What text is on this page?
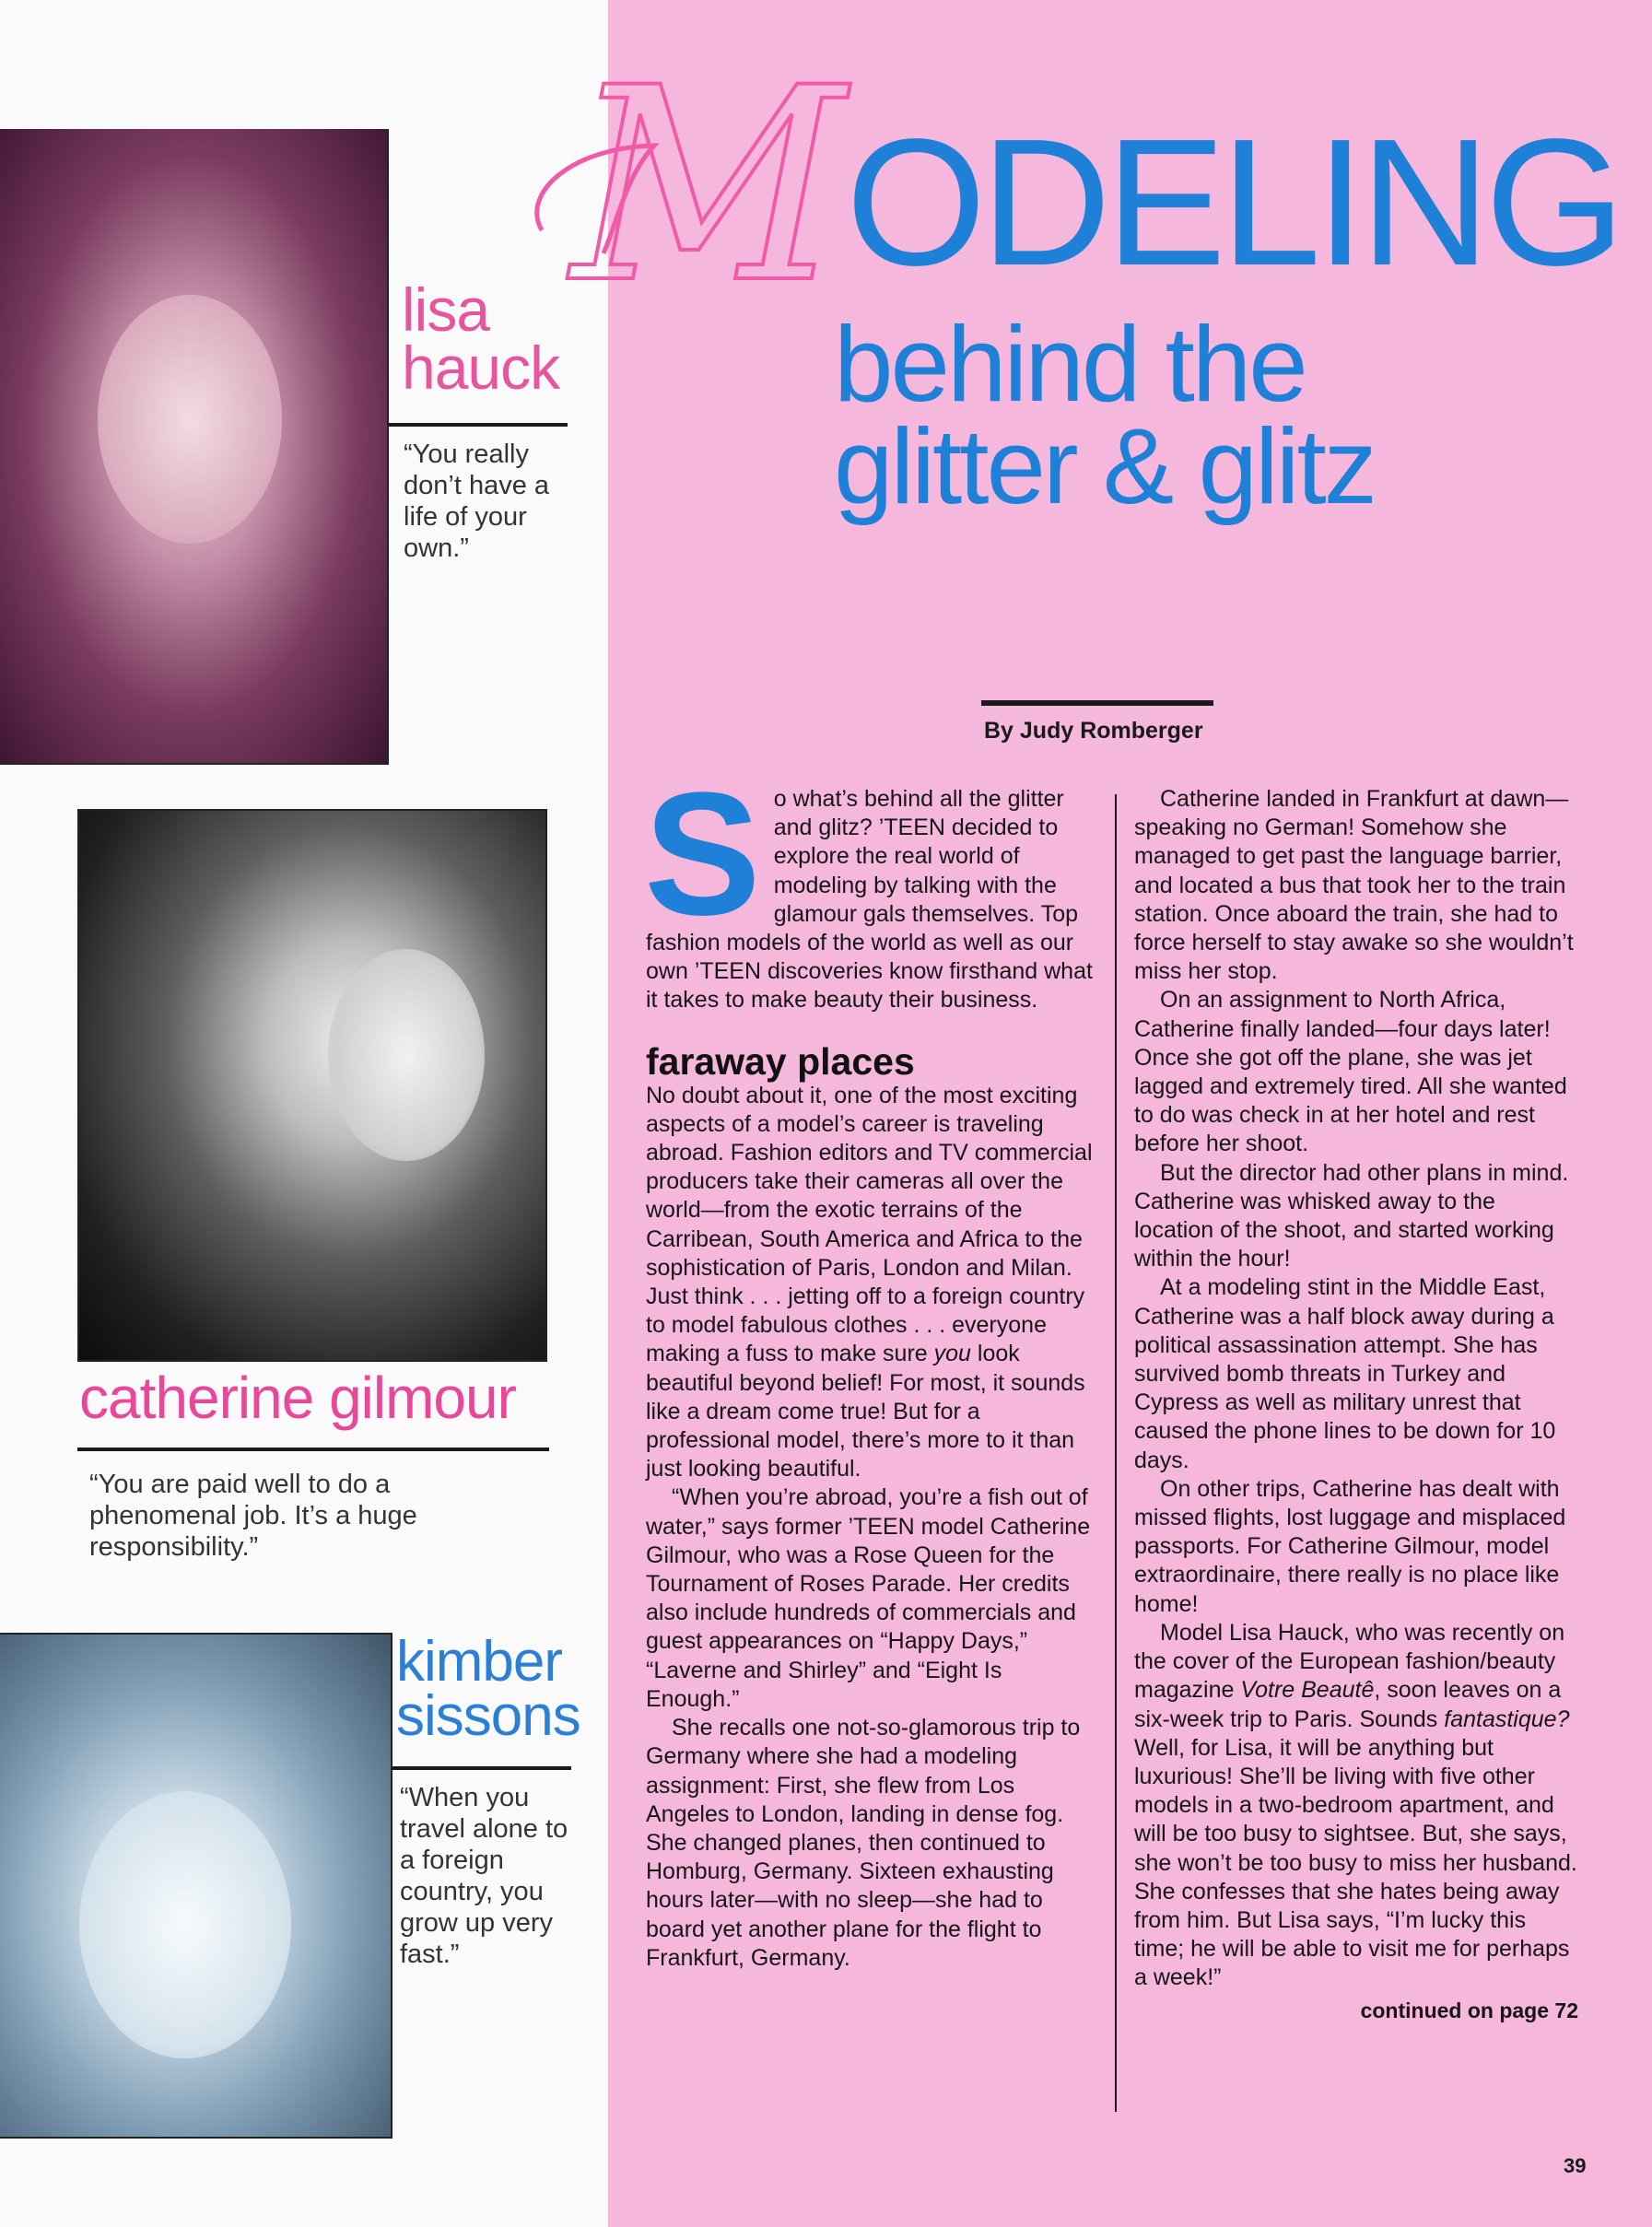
lisa
hauck
“You really don’t have a life of your own.”
catherine gilmour
“You are paid well to do a phenomenal job. It’s a huge responsibility.”
kimber
sissons
“When you travel alone to a foreign country, you grow up very fast.”
M ODELING
behind the
glitter & glitz
By Judy Romberger

So what’s behind all the glitter and glitz? ’TEEN decided to explore the real world of modeling by talking with the glamour gals themselves. Top fashion models of the world as well as our own ’TEEN discoveries know firsthand what it takes to make beauty their business.

faraway places

No doubt about it, one of the most exciting aspects of a model’s career is traveling abroad. Fashion editors and TV commercial producers take their cameras all over the world—from the exotic terrains of the Carribean, South America and Africa to the sophistication of Paris, London and Milan. Just think . . . jetting off to a foreign country to model fabulous clothes . . . everyone making a fuss to make sure you look beautiful beyond belief! For most, it sounds like a dream come true! But for a professional model, there’s more to it than just looking beautiful.

“When you’re abroad, you’re a fish out of water,” says former ’TEEN model Catherine Gilmour, who was a Rose Queen for the Tournament of Roses Parade. Her credits also include hundreds of commercials and guest appearances on “Happy Days,” “Laverne and Shirley” and “Eight Is Enough.”

She recalls one not-so-glamorous trip to Germany where she had a modeling assignment: First, she flew from Los Angeles to London, landing in dense fog. She changed planes, then continued to Homburg, Germany. Sixteen exhausting hours later—with no sleep—she had to board yet another plane for the flight to Frankfurt, Germany.

Catherine landed in Frankfurt at dawn—speaking no German! Somehow she managed to get past the language barrier, and located a bus that took her to the train station. Once aboard the train, she had to force herself to stay awake so she wouldn’t miss her stop.

On an assignment to North Africa, Catherine finally landed—four days later! Once she got off the plane, she was jet lagged and extremely tired. All she wanted to do was check in at her hotel and rest before her shoot.

But the director had other plans in mind. Catherine was whisked away to the location of the shoot, and started working within the hour!

At a modeling stint in the Middle East, Catherine was a half block away during a political assassination attempt. She has survived bomb threats in Turkey and Cypress as well as military unrest that caused the phone lines to be down for 10 days.

On other trips, Catherine has dealt with missed flights, lost luggage and misplaced passports. For Catherine Gilmour, model extraordinaire, there really is no place like home!

Model Lisa Hauck, who was recently on the cover of the European fashion/beauty magazine Votre Beautê, soon leaves on a six-week trip to Paris. Sounds fantastique? Well, for Lisa, it will be anything but luxurious! She’ll be living with five other models in a two-bedroom apartment, and will be too busy to sightsee. But, she says, she won’t be too busy to miss her husband. She confesses that she hates being away from him. But Lisa says, “I’m lucky this time; he will be able to visit me for perhaps a week!”

continued on page 72
39
